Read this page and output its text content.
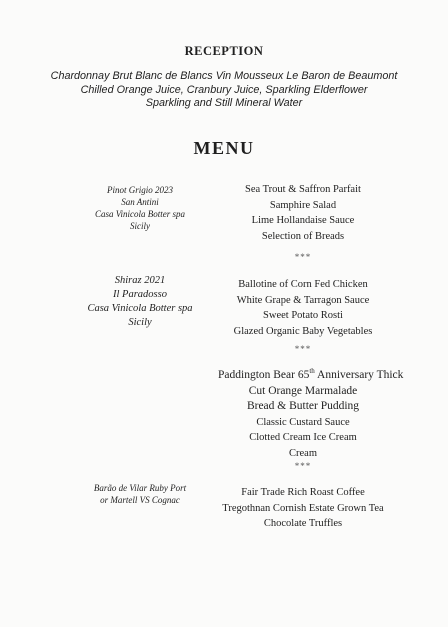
RECEPTION
Chardonnay Brut Blanc de Blancs Vin Mousseux Le Baron de Beaumont
Chilled Orange Juice, Cranbury Juice, Sparkling Elderflower
Sparkling and Still Mineral Water
MENU
Pinot Grigio 2023
San Antini
Casa Vinicola Botter spa
Sicily
Sea Trout & Saffron Parfait
Samphire Salad
Lime Hollandaise Sauce
Selection of Breads
***
Shiraz 2021
Il Paradosso
Casa Vinicola Botter spa
Sicily
Ballotine of Corn Fed Chicken
White Grape & Tarragon Sauce
Sweet Potato Rosti
Glazed Organic Baby Vegetables
***
Paddington Bear 65th Anniversary Thick
Cut Orange Marmalade
Bread & Butter Pudding
Classic Custard Sauce
Clotted Cream Ice Cream
Cream
***
Barão de Vilar Ruby Port
or Martell VS Cognac
Fair Trade Rich Roast Coffee
Tregothnan Cornish Estate Grown Tea
Chocolate Truffles
